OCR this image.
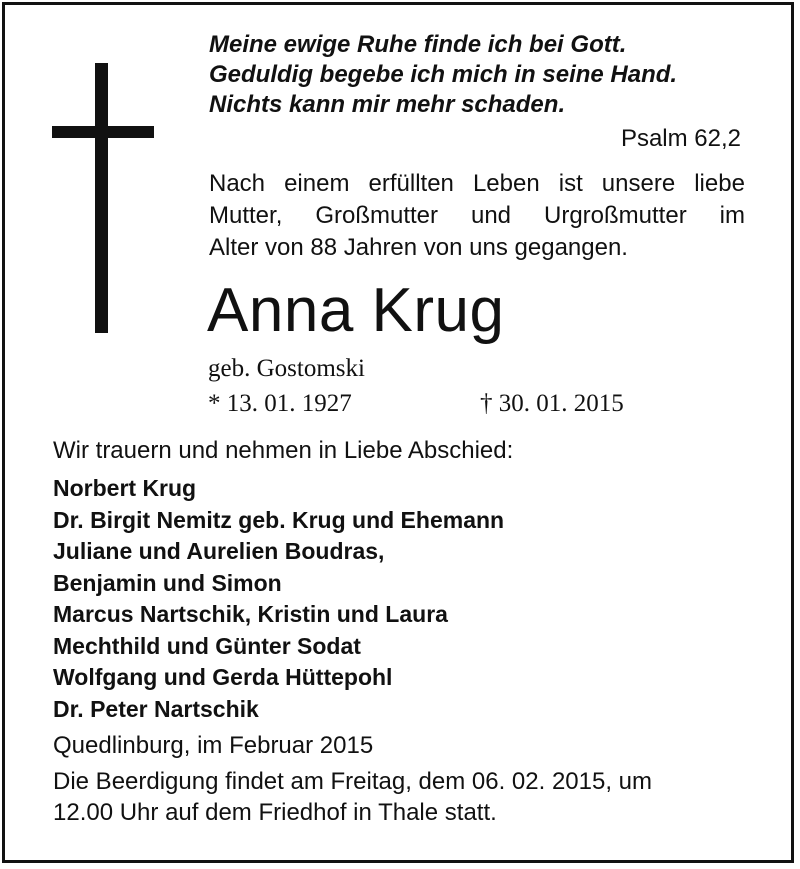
Meine ewige Ruhe finde ich bei Gott.
Geduldig begebe ich mich in seine Hand.
Nichts kann mir mehr schaden.
Psalm 62,2
Nach einem erfüllten Leben ist unsere liebe
Mutter, Großmutter und Urgroßmutter im
Alter von 88 Jahren von uns gegangen.
Anna Krug
geb. Gostomski
* 13. 01. 1927	† 30. 01. 2015
Wir trauern und nehmen in Liebe Abschied:
Norbert Krug
Dr. Birgit Nemitz geb. Krug und Ehemann
Juliane und Aurelien Boudras,
Benjamin und Simon
Marcus Nartschik, Kristin und Laura
Mechthild und Günter Sodat
Wolfgang und Gerda Hüttepohl
Dr. Peter Nartschik
Quedlinburg, im Februar 2015
Die Beerdigung findet am Freitag, dem 06. 02. 2015, um
12.00 Uhr auf dem Friedhof in Thale statt.
